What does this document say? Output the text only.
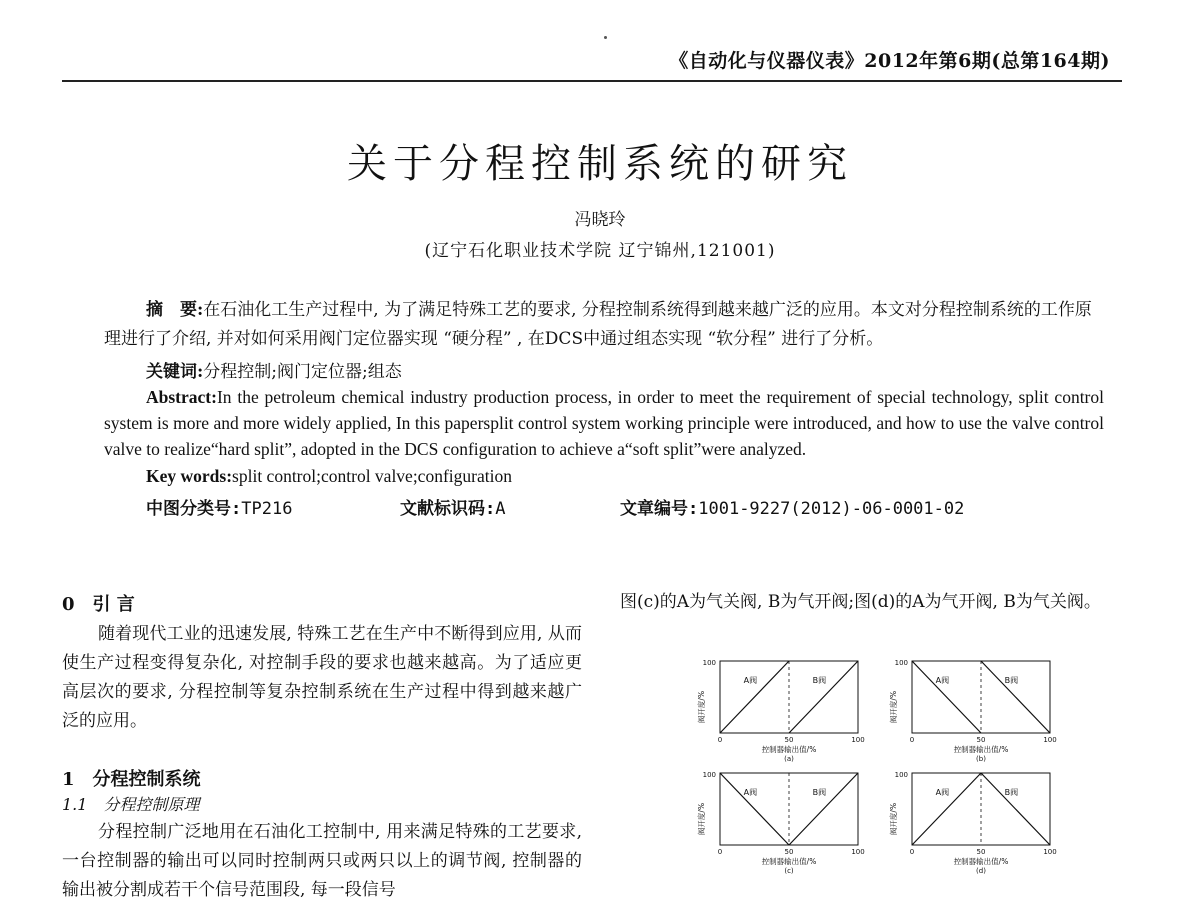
《自动化与仪器仪表》2012年第6期(总第164期)
关于分程控制系统的研究
冯晓玲
(辽宁石化职业技术学院 辽宁锦州,121001)
摘　要:在石油化工生产过程中, 为了满足特殊工艺的要求, 分程控制系统得到越来越广泛的应用。本文对分程控制系统的工作原理进行了介绍, 并对如何采用阀门定位器实现 “硬分程” , 在DCS中通过组态实现 “软分程” 进行了分析。
关键词:分程控制;阀门定位器;组态
Abstract:In the petroleum chemical industry production process, in order to meet the requirement of special technology, split control system is more and more widely applied, In this papersplit control system working principle were introduced, and how to use the valve control valve to realize“hard split”, adopted in the DCS configuration to achieve a“soft split”were analyzed.
Key words:split control;control valve;configuration
中图分类号:TP216	文献标识码:A	文章编号:1001-9227(2012)-06-0001-02
0　引 言
随着现代工业的迅速发展, 特殊工艺在生产中不断得到应用, 从而使生产过程变得复杂化, 对控制手段的要求也越来越高。为了适应更高层次的要求, 分程控制等复杂控制系统在生产过程中得到越来越广泛的应用。
1　分程控制系统
1.1　分程控制原理
分程控制广泛地用在石油化工控制中, 用来满足特殊的工艺要求, 一台控制器的输出可以同时控制两只或两只以上的调节阀, 控制器的输出被分割成若干个信号范围段, 每一段信号
图(c)的A为气关阀, B为气开阀;图(d)的A为气开阀, B为气关阀。
A阀	B阀
100
阀开度/%
0	50	100
控制器输出值/%
(a)
A阀	B阀
100
阀开度/%
0	50	100
控制器输出值/%
(b)
A阀	B阀
100
阀开度/%
0	50	100
控制器输出值/%
(c)
A阀	B阀
100
阀开度/%
0	50	100
控制器输出值/%
(d)
